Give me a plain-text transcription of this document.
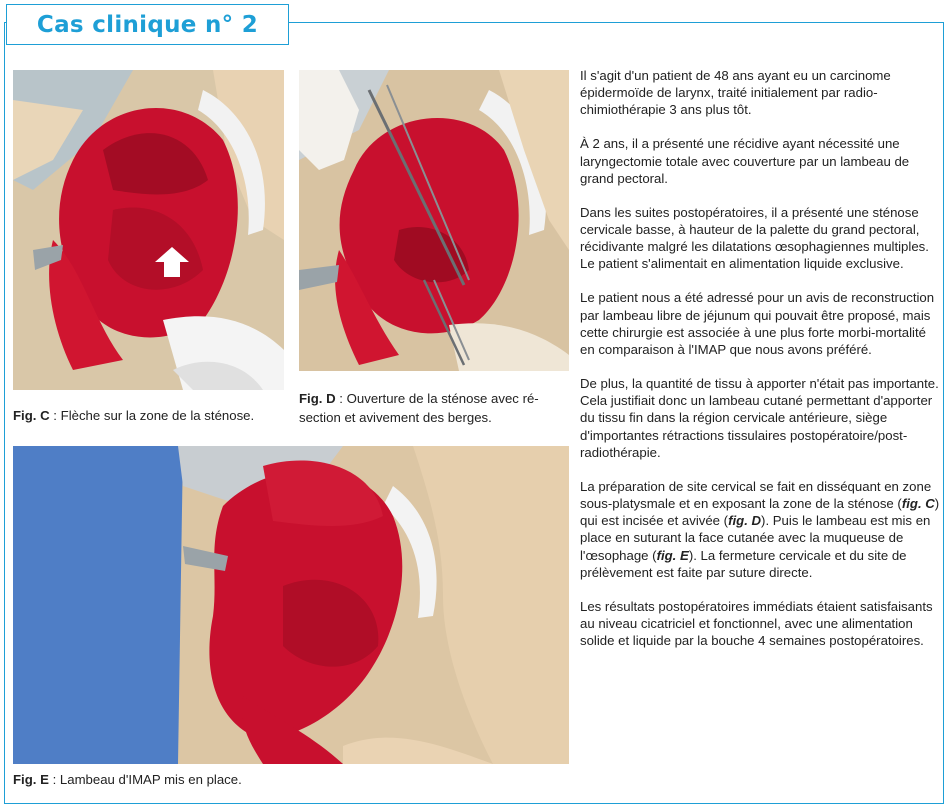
Cas clinique n° 2
Fig. C : Flèche sur la zone de la sténose.
Fig. D : Ouverture de la sténose avec ré-section et avivement des berges.
Fig. E : Lambeau d'IMAP mis en place.

Il s'agit d'un patient de 48 ans ayant eu un carcinome épidermoïde de larynx, traité initialement par radio-chimiothérapie 3 ans plus tôt.

À 2 ans, il a présenté une récidive ayant nécessité une laryngectomie totale avec couverture par un lambeau de grand pectoral.

Dans les suites postopératoires, il a présenté une sténose cervicale basse, à hauteur de la palette du grand pectoral, récidivante malgré les dilatations œsophagiennes multiples. Le patient s'alimentait en alimentation liquide exclusive.

Le patient nous a été adressé pour un avis de reconstruction par lambeau libre de jéjunum qui pouvait être proposé, mais cette chirurgie est associée à une plus forte morbi-mortalité en comparaison à l'IMAP que nous avons préféré.

De plus, la quantité de tissu à apporter n'était pas importante. Cela justifiait donc un lambeau cutané permettant d'apporter du tissu fin dans la région cervicale antérieure, siège d'importantes rétractions tissulaires postopératoire/post-radiothérapie.

La préparation de site cervical se fait en disséquant en zone sous-platysmale et en exposant la zone de la sténose (fig. C) qui est incisée et avivée (fig. D). Puis le lambeau est mis en place en suturant la face cutanée avec la muqueuse de l'œsophage (fig. E). La fermeture cervicale et du site de prélèvement est faite par suture directe.

Les résultats postopératoires immédiats étaient satisfaisants au niveau cicatriciel et fonctionnel, avec une alimentation solide et liquide par la bouche 4 semaines postopératoires.
